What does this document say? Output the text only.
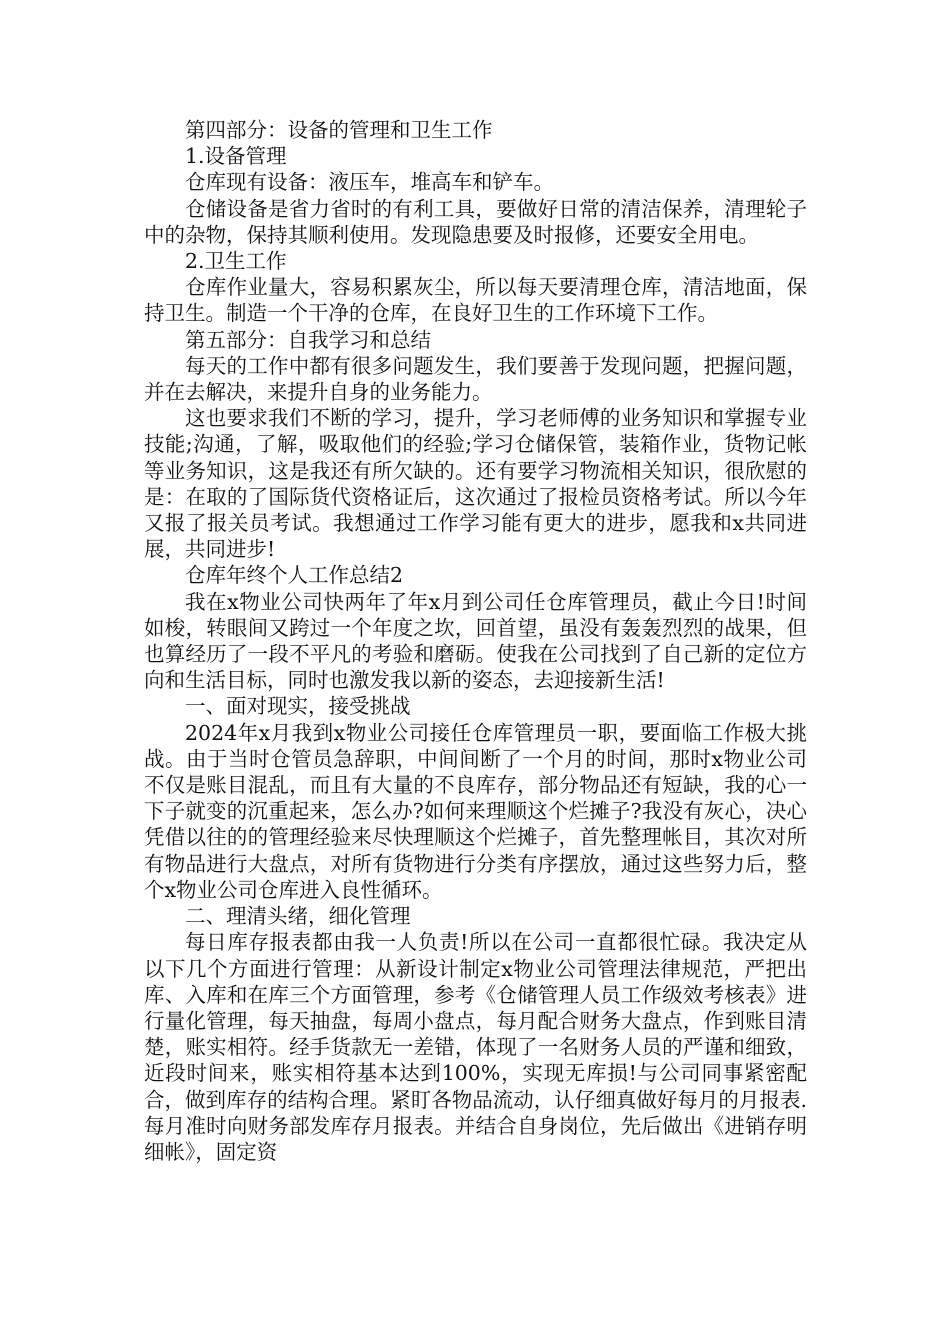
第四部分：设备的管理和卫生工作

1.设备管理

仓库现有设备：液压车，堆高车和铲车。

仓储设备是省力省时的有利工具，要做好日常的清洁保养，清理轮子中的杂物，保持其顺利使用。发现隐患要及时报修，还要安全用电。

2.卫生工作

仓库作业量大，容易积累灰尘，所以每天要清理仓库，清洁地面，保持卫生。制造一个干净的仓库，在良好卫生的工作环境下工作。

第五部分：自我学习和总结

每天的工作中都有很多问题发生，我们要善于发现问题，把握问题，并在去解决，来提升自身的业务能力。

这也要求我们不断的学习，提升，学习老师傅的业务知识和掌握专业技能;沟通，了解，吸取他们的经验;学习仓储保管，装箱作业，货物记帐等业务知识，这是我还有所欠缺的。还有要学习物流相关知识，很欣慰的是：在取的了国际货代资格证后，这次通过了报检员资格考试。所以今年又报了报关员考试。我想通过工作学习能有更大的进步，愿我和x共同进展，共同进步!

仓库年终个人工作总结2

我在x物业公司快两年了年x月到公司任仓库管理员，截止今日!时间如梭，转眼间又跨过一个年度之坎，回首望，虽没有轰轰烈烈的战果，但也算经历了一段不平凡的考验和磨砺。使我在公司找到了自己新的定位方向和生活目标，同时也激发我以新的姿态，去迎接新生活!

一、面对现实，接受挑战

2024年x月我到x物业公司接任仓库管理员一职，要面临工作极大挑战。由于当时仓管员急辞职，中间间断了一个月的时间，那时x物业公司不仅是账目混乱，而且有大量的不良库存，部分物品还有短缺，我的心一下子就变的沉重起来，怎么办?如何来理顺这个烂摊子?我没有灰心，决心凭借以往的的管理经验来尽快理顺这个烂摊子，首先整理帐目，其次对所有物品进行大盘点，对所有货物进行分类有序摆放，通过这些努力后，整个x物业公司仓库进入良性循环。

二、理清头绪，细化管理

每日库存报表都由我一人负责!所以在公司一直都很忙碌。我决定从以下几个方面进行管理：从新设计制定x物业公司管理法律规范，严把出库、入库和在库三个方面管理，参考《仓储管理人员工作级效考核表》进行量化管理，每天抽盘，每周小盘点，每月配合财务大盘点，作到账目清楚，账实相符。经手货款无一差错，体现了一名财务人员的严谨和细致，近段时间来，账实相符基本达到100%，实现无库损!与公司同事紧密配合，做到库存的结构合理。紧盯各物品流动，认仔细真做好每月的月报表.每月准时向财务部发库存月报表。并结合自身岗位，先后做出《进销存明细帐》，固定资
